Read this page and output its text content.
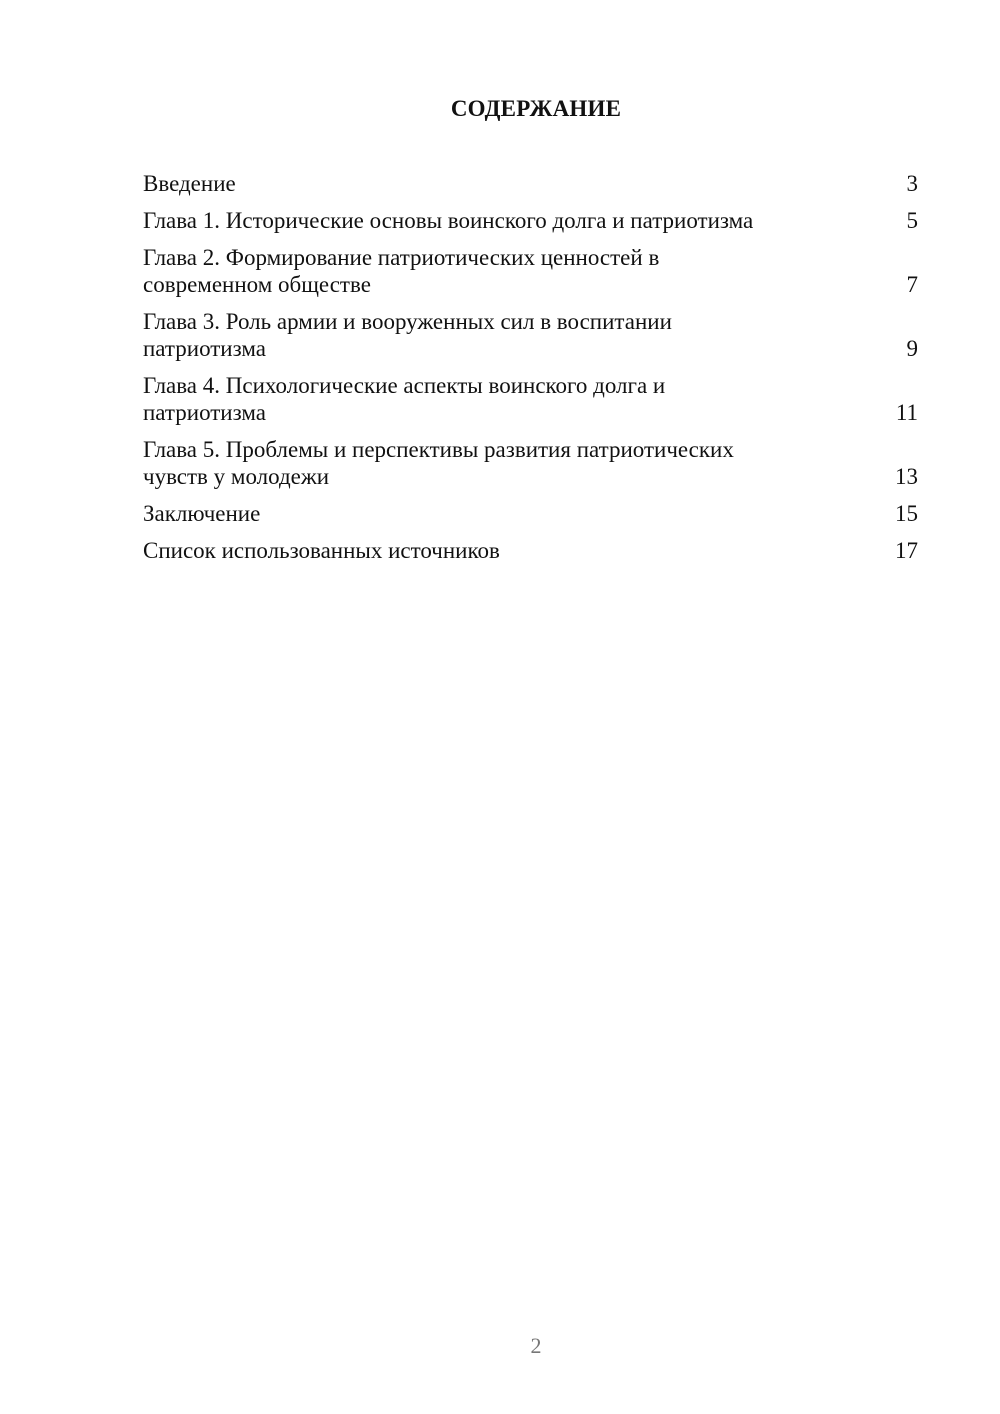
СОДЕРЖАНИЕ
Введение	3
Глава 1. Исторические основы воинского долга и патриотизма	5
Глава 2. Формирование патриотических ценностей в
современном обществе	7
Глава 3. Роль армии и вооруженных сил в воспитании
патриотизма	9
Глава 4. Психологические аспекты воинского долга и
патриотизма	11
Глава 5. Проблемы и перспективы развития патриотических
чувств у молодежи	13
Заключение	15
Список использованных источников	17
2
